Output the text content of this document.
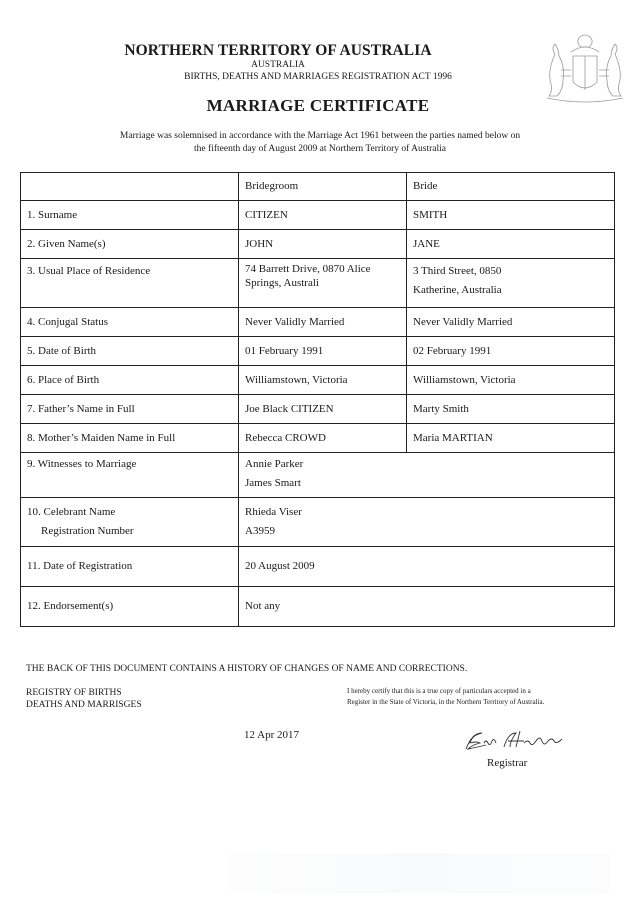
NORTHERN TERRITORY OF AUSTRALIA
AUSTRALIA
BIRTHS, DEATHS AND MARRIAGES REGISTRATION ACT 1996
MARRIAGE CERTIFICATE
Marriage was solemnised in accordance with the Marriage Act 1961 between the parties named below on
the fifteenth day of August 2009 at Northern Territory of Australia
	Bridegroom	Bride
1. Surname	CITIZEN	SMITH
2. Given Name(s)	JOHN	JANE
3. Usual Place of Residence	74 Barrett Drive, 0870 Alice Springs, Australi	3 Third Street, 0850
Katherine, Australia

4. Conjugal Status	Never Validly Married	Never Validly Married
5. Date of Birth	01 February 1991	02 February 1991
6. Place of Birth	Williamstown, Victoria	Williamstown, Victoria
7. Father’s Name in Full	Joe Black CITIZEN	Marty Smith
8. Mother’s Maiden Name in Full	Rebecca CROWD	Maria MARTIAN
9. Witnesses to Marriage	Annie Parker
James Smart	

10. Celebrant Name
Registration Number	Rhieda Viser
A3959	

11. Date of Registration	20 August 2009	
12. Endorsement(s)	Not any	
THE BACK OF THIS DOCUMENT CONTAINS A HISTORY OF CHANGES OF NAME AND CORRECTIONS.
REGISTRY OF BIRTHS
DEATHS AND MARRISGES
I hereby certify that this is a true copy of particulars accepted in a
Register in the State of Victoria, in the Northern Territory of Australia.
12 Apr 2017
Registrar
